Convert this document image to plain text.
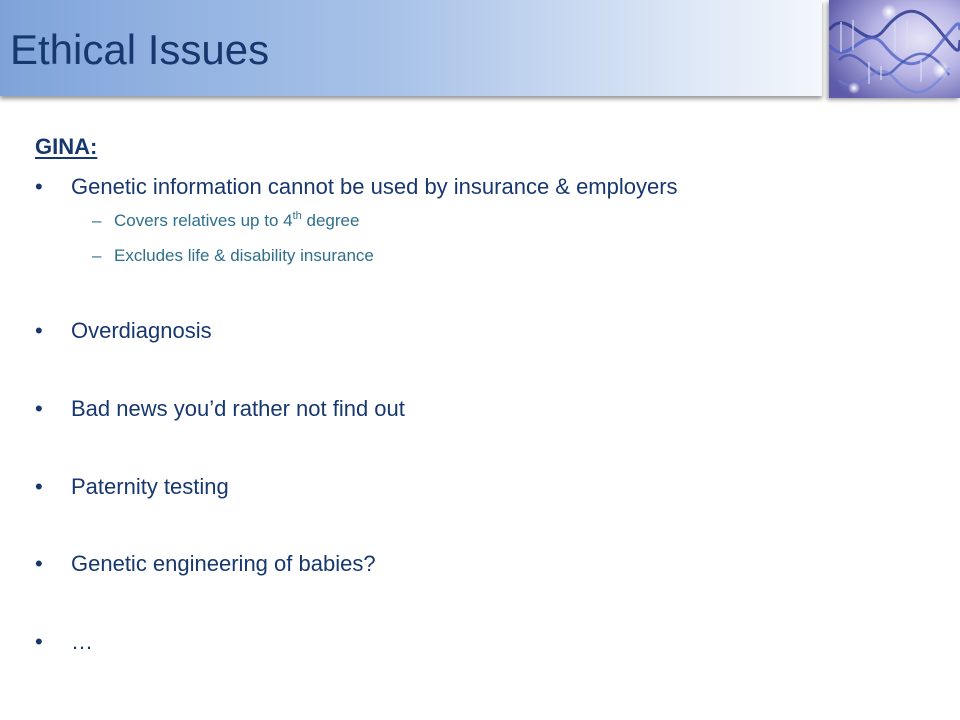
Ethical Issues
GINA:
• Genetic information cannot be used by insurance & employers
– Covers relatives up to 4th degree
– Excludes life & disability insurance
• Overdiagnosis
• Bad news you’d rather not find out
• Paternity testing
• Genetic engineering of babies?
• …
